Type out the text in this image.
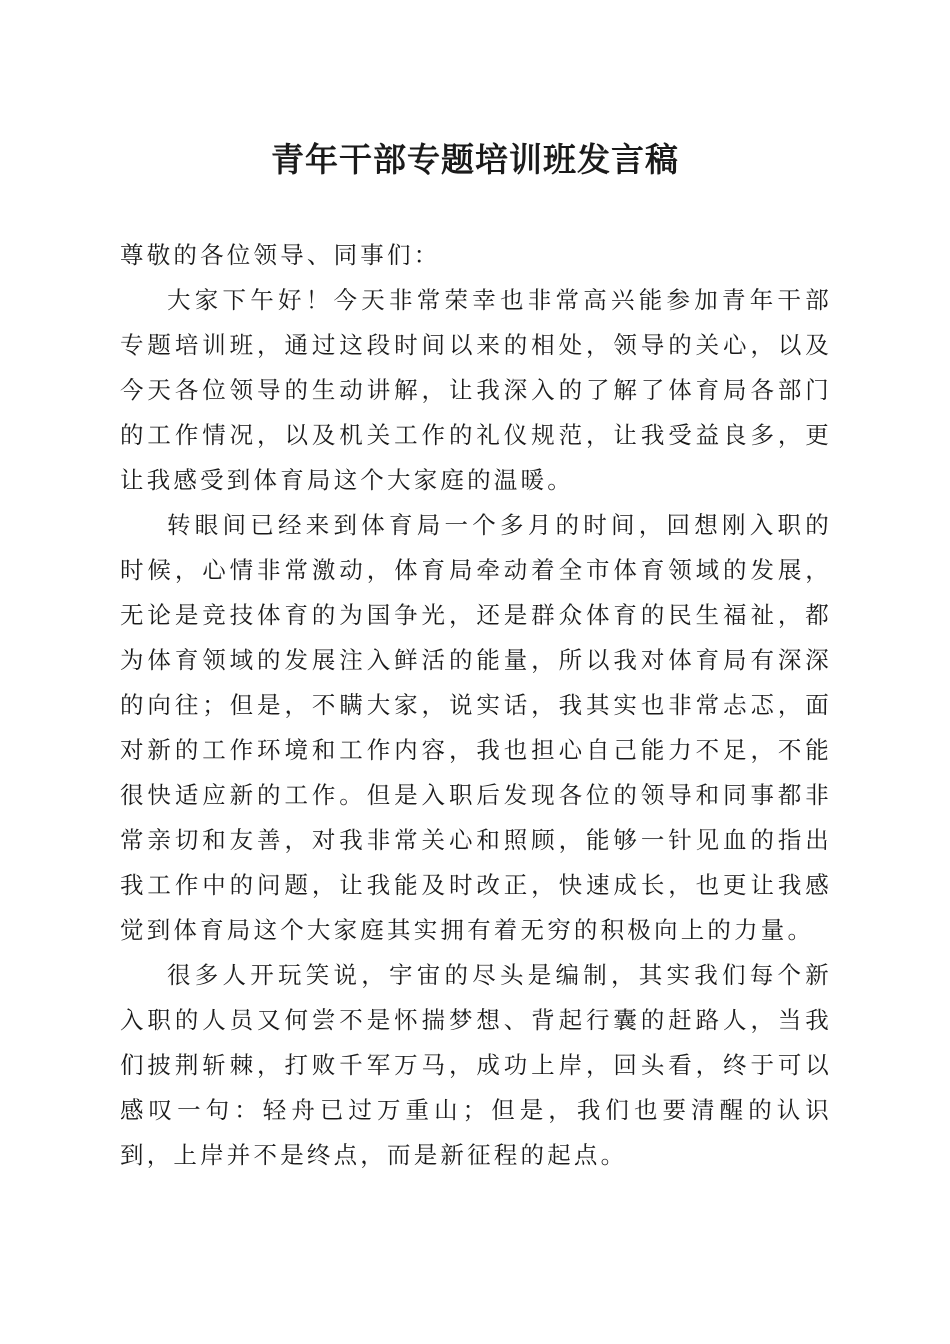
青年干部专题培训班发言稿

尊敬的各位领导、同事们：

大家下午好！今天非常荣幸也非常高兴能参加青年干部专题培训班，通过这段时间以来的相处，领导的关心，以及今天各位领导的生动讲解，让我深入的了解了体育局各部门的工作情况，以及机关工作的礼仪规范，让我受益良多，更让我感受到体育局这个大家庭的温暖。

转眼间已经来到体育局一个多月的时间，回想刚入职的时候，心情非常激动，体育局牵动着全市体育领域的发展，无论是竞技体育的为国争光，还是群众体育的民生福祉，都为体育领域的发展注入鲜活的能量，所以我对体育局有深深的向往；但是，不瞒大家，说实话，我其实也非常忐忑，面对新的工作环境和工作内容，我也担心自己能力不足，不能很快适应新的工作。但是入职后发现各位的领导和同事都非常亲切和友善，对我非常关心和照顾，能够一针见血的指出我工作中的问题，让我能及时改正，快速成长，也更让我感觉到体育局这个大家庭其实拥有着无穷的积极向上的力量。

很多人开玩笑说，宇宙的尽头是编制，其实我们每个新入职的人员又何尝不是怀揣梦想、背起行囊的赶路人，当我们披荆斩棘，打败千军万马，成功上岸，回头看，终于可以感叹一句：轻舟已过万重山；但是，我们也要清醒的认识到，上岸并不是终点，而是新征程的起点。
